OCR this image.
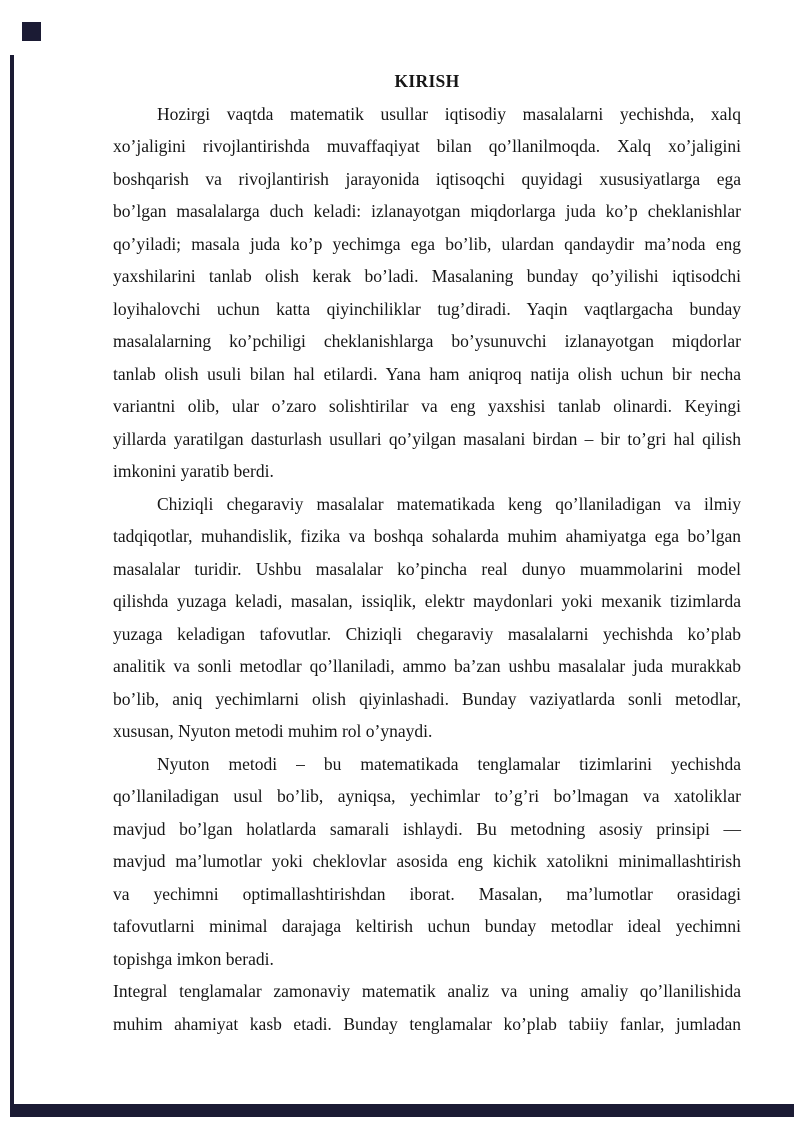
KIRISH
Hozirgi vaqtda matematik usullar iqtisodiy masalalarni yechishda, xalq
xo’jaligini rivojlantirishda muvaffaqiyat bilan qo’llanilmoqda. Xalq xo’jaligini
boshqarish va rivojlantirish jarayonida iqtisoqchi quyidagi xususiyatlarga ega
bo’lgan masalalarga duch keladi: izlanayotgan miqdorlarga juda ko’p cheklanishlar
qo’yiladi; masala juda ko’p yechimga ega bo’lib, ulardan qandaydir ma’noda eng
yaxshilarini tanlab olish kerak bo’ladi. Masalaning bunday qo’yilishi iqtisodchi
loyihalovchi uchun katta qiyinchiliklar tug’diradi. Yaqin vaqtlargacha bunday
masalalarning ko’pchiligi cheklanishlarga bo’ysunuvchi izlanayotgan miqdorlar
tanlab olish usuli bilan hal etilardi. Yana ham aniqroq natija olish uchun bir necha
variantni olib, ular o’zaro solishtirilar va eng yaxshisi tanlab olinardi. Keyingi
yillarda yaratilgan dasturlash usullari qo’yilgan masalani birdan – bir to’gri hal qilish
imkonini yaratib berdi.
Chiziqli chegaraviy masalalar matematikada keng qo’llaniladigan va ilmiy
tadqiqotlar, muhandislik, fizika va boshqa sohalarda muhim ahamiyatga ega bo’lgan
masalalar turidir. Ushbu masalalar ko’pincha real dunyo muammolarini model
qilishda yuzaga keladi, masalan, issiqlik, elektr maydonlari yoki mexanik tizimlarda
yuzaga keladigan tafovutlar. Chiziqli chegaraviy masalalarni yechishda ko’plab
analitik va sonli metodlar qo’llaniladi, ammo ba’zan ushbu masalalar juda murakkab
bo’lib, aniq yechimlarni olish qiyinlashadi. Bunday vaziyatlarda sonli metodlar,
xususan, Nyuton metodi muhim rol o’ynaydi.
Nyuton metodi – bu matematikada tenglamalar tizimlarini yechishda
qo’llaniladigan usul bo’lib, ayniqsa, yechimlar to’g’ri bo’lmagan va xatoliklar
mavjud bo’lgan holatlarda samarali ishlaydi. Bu metodning asosiy prinsipi —
mavjud ma’lumotlar yoki cheklovlar asosida eng kichik xatolikni minimallashtirish
va yechimni optimallashtirishdan iborat. Masalan, ma’lumotlar orasidagi
tafovutlarni minimal darajaga keltirish uchun bunday metodlar ideal yechimni
topishga imkon beradi.
Integral tenglamalar zamonaviy matematik analiz va uning amaliy qo’llanilishida
muhim ahamiyat kasb etadi. Bunday tenglamalar ko’plab tabiiy fanlar, jumladan
